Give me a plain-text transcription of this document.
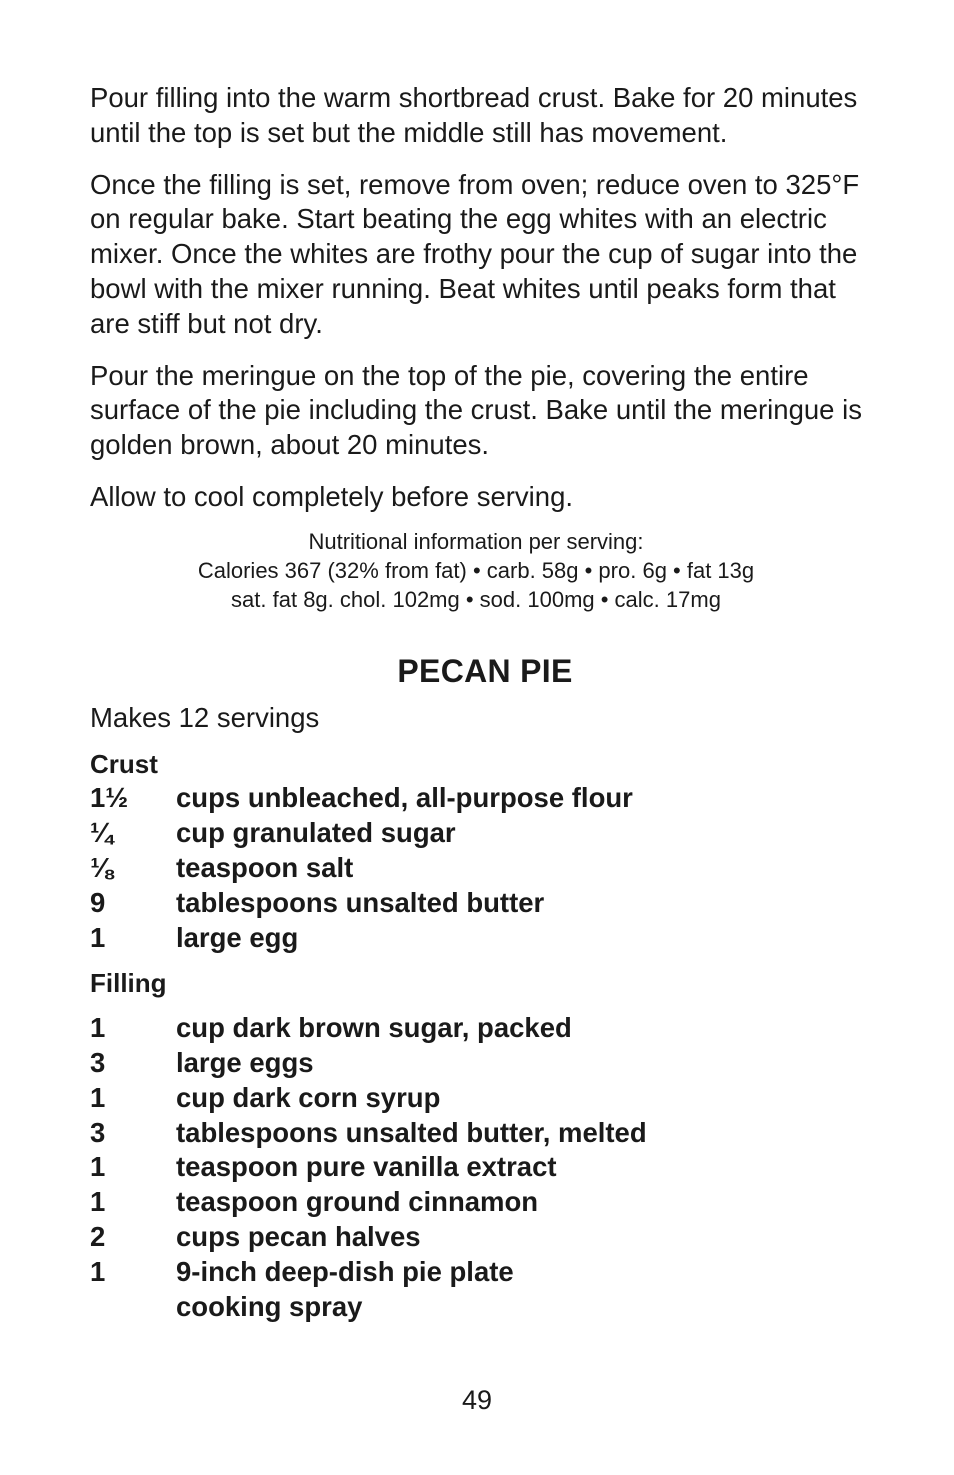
Pour filling into the warm shortbread crust. Bake for 20 minutes until the top is set but the middle still has movement.

Once the filling is set, remove from oven; reduce oven to 325°F on regular bake. Start beating the egg whites with an electric mixer. Once the whites are frothy pour the cup of sugar into the bowl with the mixer running. Beat whites until peaks form that are stiff but not dry.

Pour the meringue on the top of the pie, covering the entire surface of the pie including the crust. Bake until the meringue is golden brown, about 20 minutes.

Allow to cool completely before serving.

Nutritional information per serving:
Calories 367 (32% from fat) • carb. 58g • pro. 6g • fat 13g
sat. fat 8g. chol. 102mg • sod. 100mg • calc. 17mg
PECAN PIE
Makes 12 servings
Crust
1½	cups unbleached, all-purpose flour
¼	cup granulated sugar
⅛	teaspoon salt
9	tablespoons unsalted butter
1	large egg
Filling
1	cup dark brown sugar, packed
3	large eggs
1	cup dark corn syrup
3	tablespoons unsalted butter, melted
1	teaspoon pure vanilla extract
1	teaspoon ground cinnamon
2	cups pecan halves
1	9-inch deep-dish pie plate
cooking spray
49
